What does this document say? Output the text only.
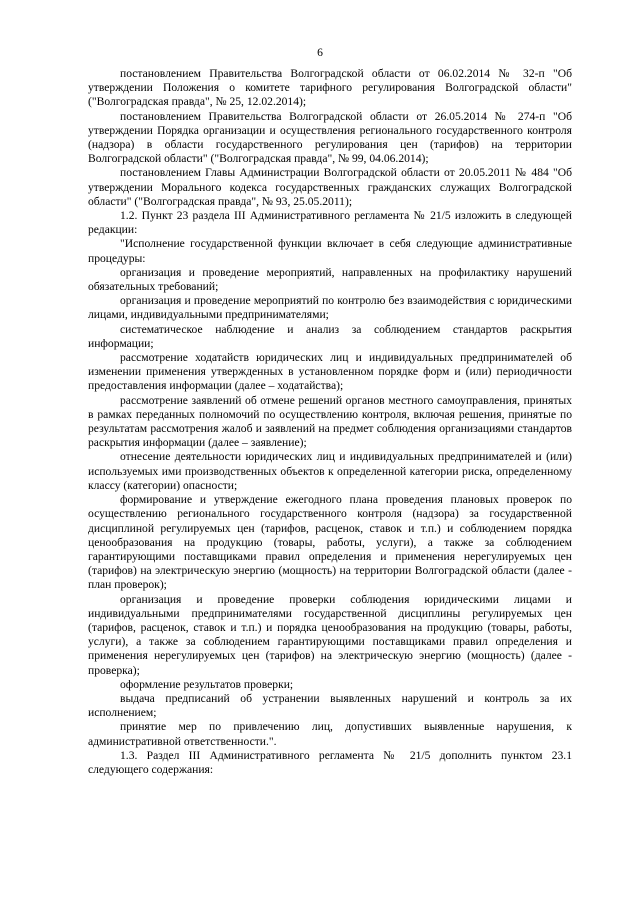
6

постановлением Правительства Волгоградской области от 06.02.2014 № 32-п "Об утверждении Положения о комитете тарифного регулирования Волгоградской области" ("Волгоградская правда", № 25, 12.02.2014);

постановлением Правительства Волгоградской области от 26.05.2014 № 274-п "Об утверждении Порядка организации и осуществления регионального государственного контроля (надзора) в области государственного регулирования цен (тарифов) на территории Волгоградской области" ("Волгоградская правда", № 99, 04.06.2014);

постановлением Главы Администрации Волгоградской области от 20.05.2011 № 484 "Об утверждении Морального кодекса государственных гражданских служащих Волгоградской области" ("Волгоградская правда", № 93, 25.05.2011);

1.2. Пункт 23 раздела III Административного регламента № 21/5 изложить в следующей редакции:

"Исполнение государственной функции включает в себя следующие административные процедуры:

организация и проведение мероприятий, направленных на профилактику нарушений обязательных требований;

организация и проведение мероприятий по контролю без взаимодействия с юридическими лицами, индивидуальными предпринимателями;

систематическое наблюдение и анализ за соблюдением стандартов раскрытия информации;

рассмотрение ходатайств юридических лиц и индивидуальных предпринимателей об изменении применения утвержденных в установленном порядке форм и (или) периодичности предоставления информации (далее – ходатайства);

рассмотрение заявлений об отмене решений органов местного самоуправления, принятых в рамках переданных полномочий по осуществлению контроля, включая решения, принятые по результатам рассмотрения жалоб и заявлений на предмет соблюдения организациями стандартов раскрытия информации (далее – заявление);

отнесение деятельности юридических лиц и индивидуальных предпринимателей и (или) используемых ими производственных объектов к определенной категории риска, определенному классу (категории) опасности;

формирование и утверждение ежегодного плана проведения плановых проверок по осуществлению регионального государственного контроля (надзора) за государственной дисциплиной регулируемых цен (тарифов, расценок, ставок и т.п.) и соблюдением порядка ценообразования на продукцию (товары, работы, услуги), а также за соблюдением гарантирующими поставщиками правил определения и применения нерегулируемых цен (тарифов) на электрическую энергию (мощность) на территории Волгоградской области (далее - план проверок);

организация и проведение проверки соблюдения юридическими лицами и индивидуальными предпринимателями государственной дисциплины регулируемых цен (тарифов, расценок, ставок и т.п.) и порядка ценообразования на продукцию (товары, работы, услуги), а также за соблюдением гарантирующими поставщиками правил определения и применения нерегулируемых цен (тарифов) на электрическую энергию (мощность) (далее - проверка);

оформление результатов проверки;

выдача предписаний об устранении выявленных нарушений и контроль за их исполнением;

принятие мер по привлечению лиц, допустивших выявленные нарушения, к административной ответственности.".

1.3. Раздел III Административного регламента № 21/5 дополнить пунктом 23.1 следующего содержания:
